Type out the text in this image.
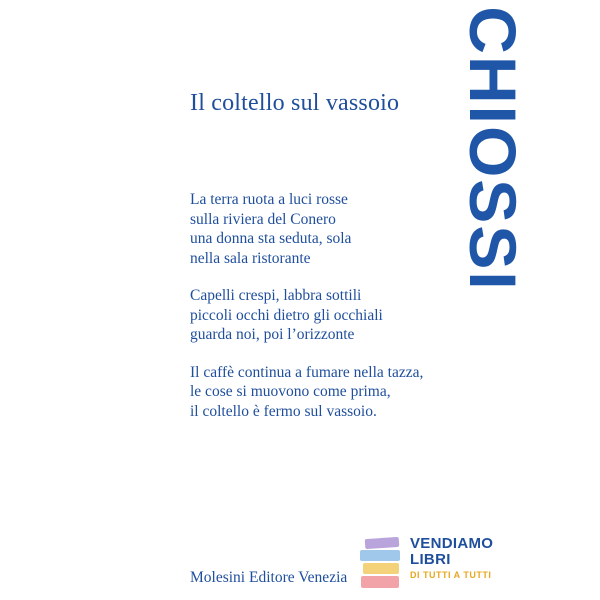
Il coltello sul vassoio CHIOSSI
La terra ruota a luci rosse
sulla riviera del Conero
una donna sta seduta, sola
nella sala ristorante
Capelli crespi, labbra sottili
piccoli occhi dietro gli occhiali
guarda noi, poi l’orizzonte
Il caffè continua a fumare nella tazza,
le cose si muovono come prima,
il coltello è fermo sul vassoio.
Molesini Editore Venezia
VENDIAMO
LIBRI
DI TUTTI A TUTTI
